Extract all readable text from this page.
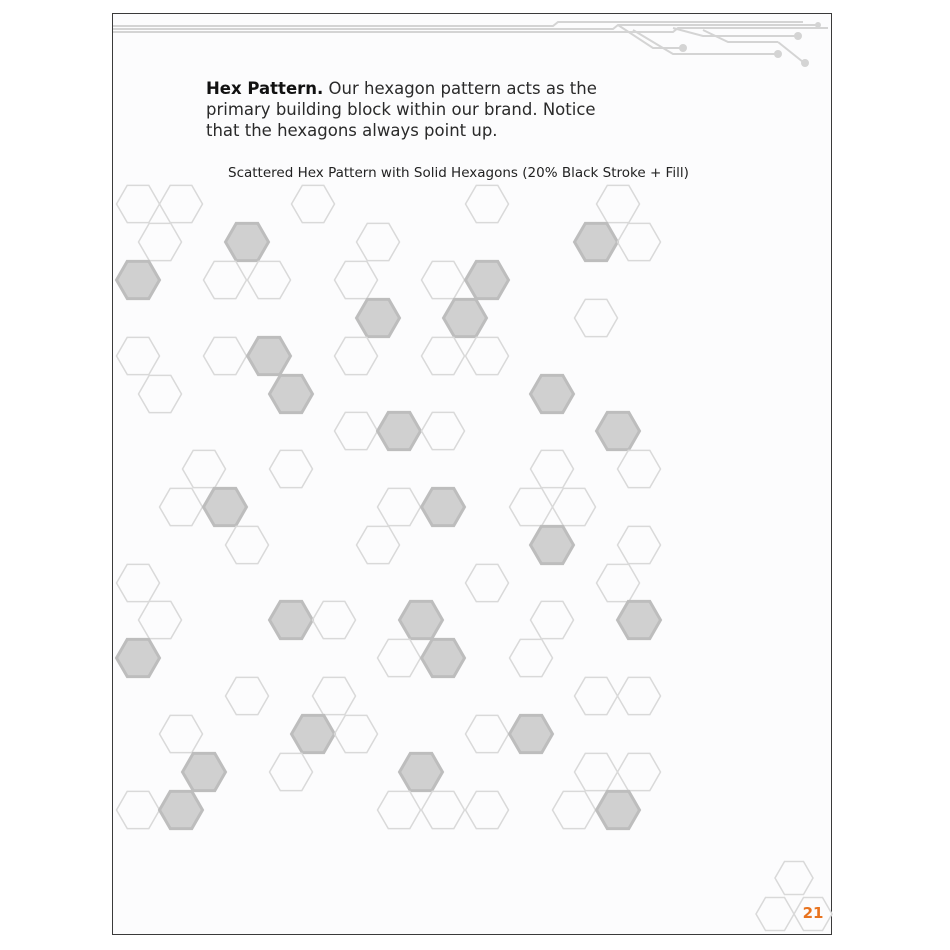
Hex Pattern. Our hexagon pattern acts as the primary building block within our brand. Notice that the hexagons always point up.
Scattered Hex Pattern with Solid Hexagons (20% Black Stroke + Fill)
21
